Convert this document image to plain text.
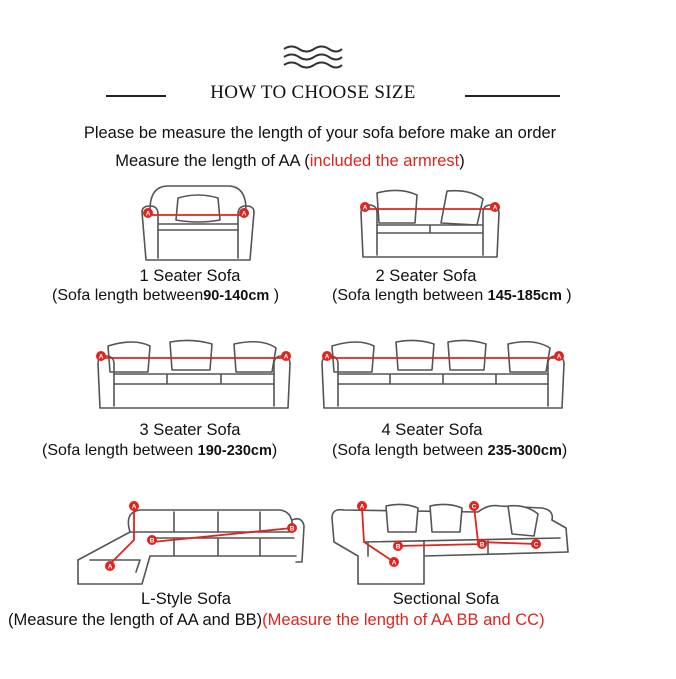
HOW TO CHOOSE SIZE
Please be measure the length of your sofa before make an order
Measure the length of AA (included the armrest)
A	A
1 Seater Sofa
(Sofa length between90-140cm )
A	A
2 Seater Sofa
(Sofa length between 145-185cm )
A	A
3 Seater Sofa
(Sofa length between 190-230cm)
A	A
4 Seater Sofa
(Sofa length between 235-300cm)
A
A
B
B
L-Style Sofa
A
A
B	B
C
C
Sectional Sofa
(Measure the length of AA and BB)(Measure the length of AA BB and CC)
